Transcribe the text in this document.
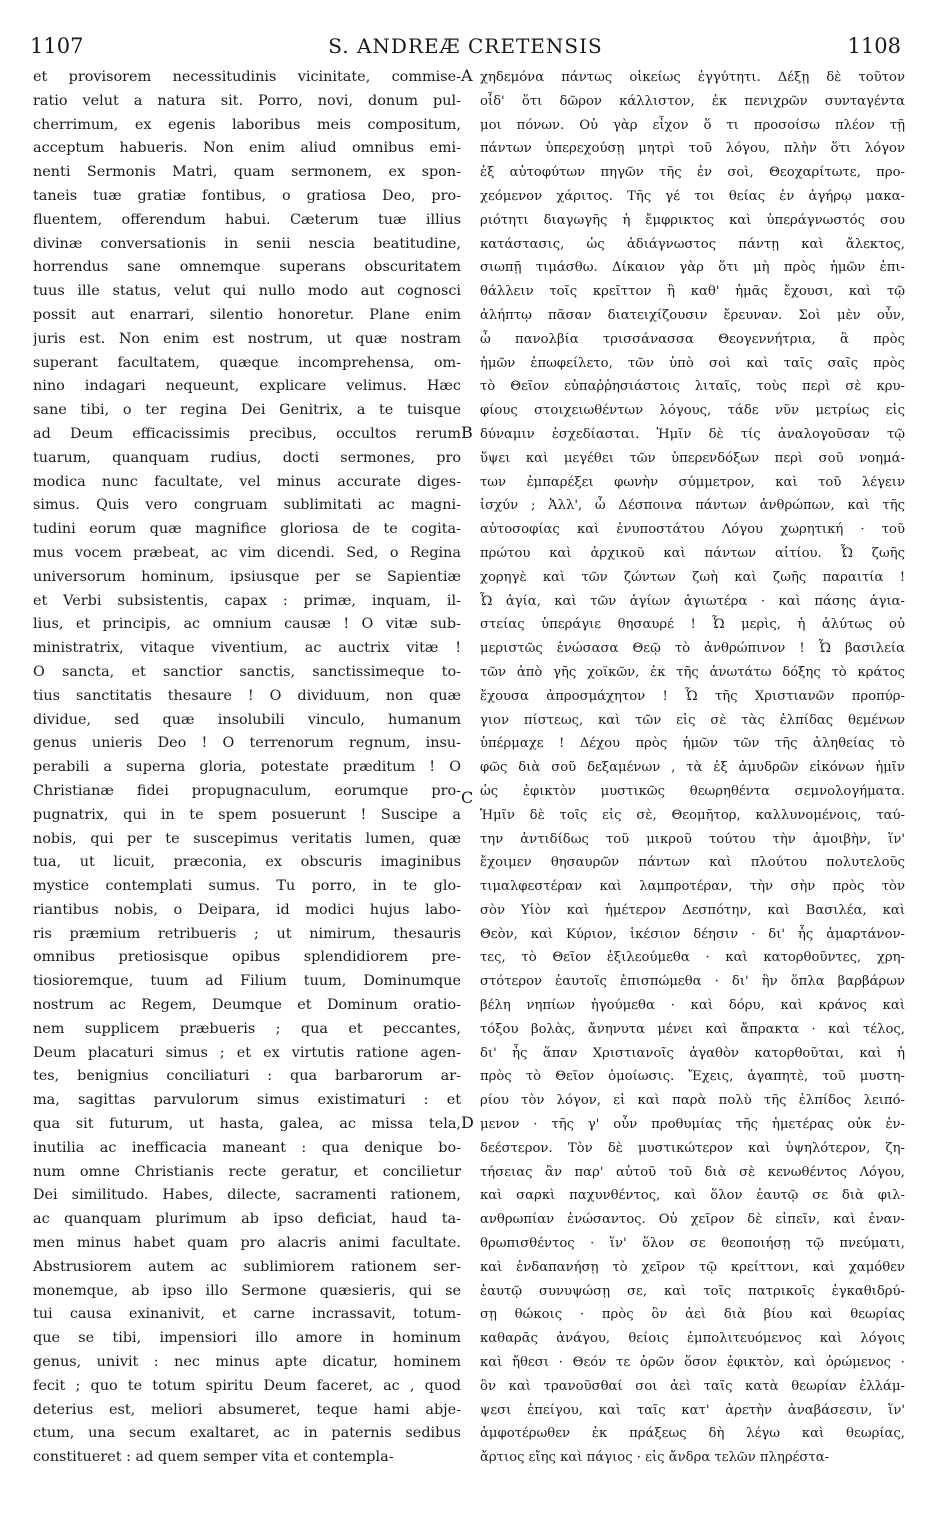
1107	S. ANDREÆ CRETENSIS	1108
et provisorem necessitudinis vicinitate, commise-
ratio velut a natura sit. Porro, novi, donum pul-
cherrimum, ex egenis laboribus meis compositum,
acceptum habueris. Non enim aliud omnibus emi-
nenti Sermonis Matri, quam sermonem, ex spon-
taneis tuæ gratiæ fontibus, o gratiosa Deo, pro-
fluentem, offerendum habui. Cæterum tuæ illius
divinæ conversationis in senii nescia beatitudine,
horrendus sane omnemque superans obscuritatem
tuus ille status, velut qui nullo modo aut cognosci
possit aut enarrari, silentio honoretur. Plane enim
juris est. Non enim est nostrum, ut quæ nostram
superant facultatem, quæque incomprehensa, om-
nino indagari nequeunt, explicare velimus. Hæc
sane tibi, o ter regina Dei Genitrix, a te tuisque
ad Deum efficacissimis precibus, occultos rerum
tuarum, quanquam rudius, docti sermones, pro
modica nunc facultate, vel minus accurate diges-
simus. Quis vero congruam sublimitati ac magni-
tudini eorum quæ magnifice gloriosa de te cogita-
mus vocem præbeat, ac vim dicendi. Sed, o Regina
universorum hominum, ipsiusque per se Sapientiæ
et Verbi subsistentis, capax : primæ, inquam, il-
lius, et principis, ac omnium causæ ! O vitæ sub-
ministratrix, vitaque viventium, ac auctrix vitæ !
O sancta, et sanctior sanctis, sanctissimeque to-
tius sanctitatis thesaure ! O dividuum, non quæ
dividue, sed quæ insolubili vinculo, humanum
genus unieris Deo ! O terrenorum regnum, insu-
perabili a superna gloria, potestate præditum ! O
Christianæ fidei propugnaculum, eorumque pro-
pugnatrix, qui in te spem posuerunt ! Suscipe a
nobis, qui per te suscepimus veritatis lumen, quæ
tua, ut licuit, præconia, ex obscuris imaginibus
mystice contemplati sumus. Tu porro, in te glo-
riantibus nobis, o Deipara, id modici hujus labo-
ris præmium retribueris ; ut nimirum, thesauris
omnibus pretiosisque opibus splendidiorem pre-
tiosioremque, tuum ad Filium tuum, Dominumque
nostrum ac Regem, Deumque et Dominum oratio-
nem supplicem præbueris ; qua et peccantes,
Deum placaturi simus ; et ex virtutis ratione agen-
tes, benignius conciliaturi : qua barbarorum ar-
ma, sagittas parvulorum simus existimaturi : et
qua sit futurum, ut hasta, galea, ac missa tela,
inutilia ac inefficacia maneant : qua denique bo-
num omne Christianis recte geratur, et concilietur
Dei similitudo. Habes, dilecte, sacramenti rationem,
ac quanquam plurimum ab ipso deficiat, haud ta-
men minus habet quam pro alacris animi facultate.
Abstrusiorem autem ac sublimiorem rationem ser-
monemque, ab ipso illo Sermone quæsieris, qui se
tui causa exinanivit, et carne incrassavit, totum-
que se tibi, impensiori illo amore in hominum
genus, univit : nec minus apte dicatur, hominem
fecit ; quo te totum spiritu Deum faceret, ac , quod
deterius est, meliori absumeret, teque hami abje-
ctum, una secum exaltaret, ac in paternis sedibus
constitueret : ad quem semper vita et contempla-
χηδεμόνα πάντως οἰκείως ἐγγύτητι. Δέξῃ δὲ τοῦτον
οἶδ' ὅτι δῶρον κάλλιστον, ἐκ πενιχρῶν συνταγέντα
μοι πόνων. Οὐ γὰρ εἶχον ὅ τι προσοίσω πλέον τῇ
πάντων ὑπερεχούσῃ μητρὶ τοῦ λόγου, πλὴν ὅτι λόγον
ἐξ αὐτοφύτων πηγῶν τῆς ἐν σοὶ, Θεοχαρίτωτε, προ-
χεόμενον χάριτος. Τῆς γέ τοι θείας ἐν ἀγήρῳ μακα-
ριότητι διαγωγῆς ἡ ἔμφρικτος καὶ ὑπεράγνωστός σου
κατάστασις, ὡς ἀδιάγνωστος πάντῃ καὶ ἄλεκτος,
σιωπῇ τιμάσθω. Δίκαιον γὰρ ὅτι μὴ πρὸς ἡμῶν ἐπι-
θάλλειν τοῖς κρεῖττον ἢ καθ' ἡμᾶς ἔχουσι, καὶ τῷ
ἀλήπτῳ πᾶσαν διατειχίζουσιν ἔρευναν. Σοὶ μὲν οὖν,
ὦ πανολβία τρισσάνασσα Θεογεννήτρια, ἃ πρὸς
ἡμῶν ἐπωφείλετο, τῶν ὑπὸ σοὶ καὶ ταῖς σαῖς πρὸς
τὸ Θεῖον εὐπαῤῥησιάστοις λιταῖς, τοὺς περὶ σὲ κρυ-
φίους στοιχειωθέντων λόγους, τάδε νῦν μετρίως εἰς
δύναμιν ἐσχεδίασται. Ἡμῖν δὲ τίς ἀναλογοῦσαν τῷ
ὕψει καὶ μεγέθει τῶν ὑπερενδόξων περὶ σοῦ νοημά-
των ἐμπαρέξει φωνὴν σύμμετρον, καὶ τοῦ λέγειν
ἰσχύν ; Ἀλλ', ὦ Δέσποινα πάντων ἀνθρώπων, καὶ τῆς
αὐτοσοφίας καὶ ἐνυποστάτου Λόγου χωρητική · τοῦ
πρώτου καὶ ἀρχικοῦ καὶ πάντων αἰτίου. Ὦ ζωῆς
χορηγὲ καὶ τῶν ζώντων ζωὴ καὶ ζωῆς παραιτία !
Ὦ ἁγία, καὶ τῶν ἁγίων ἁγιωτέρα · καὶ πάσης ἁγια-
στείας ὑπεράγιε θησαυρέ ! Ὦ μερὶς, ἡ ἀλύτως οὐ
μεριστῶς ἑνώσασα Θεῷ τὸ ἀνθρώπινον ! Ὦ βασιλεία
τῶν ἀπὸ γῆς χοϊκῶν, ἐκ τῆς ἀνωτάτω δόξης τὸ κράτος
ἔχουσα ἀπροσμάχητον ! Ὦ τῆς Χριστιανῶν προπύρ-
γιον πίστεως, καὶ τῶν εἰς σὲ τὰς ἐλπίδας θεμένων
ὑπέρμαχε ! Δέχου πρὸς ἡμῶν τῶν τῆς ἀληθείας τὸ
φῶς διὰ σοῦ δεξαμένων , τὰ ἐξ ἀμυδρῶν εἰκόνων ἡμῖν
ὡς ἐφικτὸν μυστικῶς θεωρηθέντα σεμνολογήματα.
Ἡμῖν δὲ τοῖς εἰς σὲ, Θεομῆτορ, καλλυνομένοις, ταύ-
την ἀντιδίδως τοῦ μικροῦ τούτου τὴν ἀμοιβὴν, ἵν'
ἔχοιμεν θησαυρῶν πάντων καὶ πλούτου πολυτελοῦς
τιμαλφεστέραν καὶ λαμπροτέραν, τὴν σὴν πρὸς τὸν
σὸν Υἱὸν καὶ ἡμέτερον Δεσπότην, καὶ Βασιλέα, καὶ
Θεὸν, καὶ Κύριον, ἱκέσιον δέησιν · δι' ἧς ἁμαρτάνον-
τες, τὸ Θεῖον ἐξιλεούμεθα · καὶ κατορθοῦντες, χρη-
στότερον ἑαυτοῖς ἐπισπώμεθα · δι' ἣν ὅπλα βαρβάρων
βέλη νηπίων ἡγούμεθα · καὶ δόρυ, καὶ κράνος καὶ
τόξου βολὰς, ἄνηνυτα μένει καὶ ἄπρακτα · καὶ τέλος,
δι' ἧς ἅπαν Χριστιανοῖς ἀγαθὸν κατορθοῦται, καὶ ἡ
πρὸς τὸ Θεῖον ὁμοίωσις. Ἔχεις, ἀγαπητὲ, τοῦ μυστη-
ρίου τὸν λόγον, εἰ καὶ παρὰ πολὺ τῆς ἐλπίδος λειπό-
μενον · τῆς γ' οὖν προθυμίας τῆς ἡμετέρας οὐκ ἐν-
δεέστερον. Τὸν δὲ μυστικώτερον καὶ ὑψηλότερον, ζη-
τήσειας ἂν παρ' αὐτοῦ τοῦ διὰ σὲ κενωθέντος Λόγου,
καὶ σαρκὶ παχυνθέντος, καὶ ὅλον ἑαυτῷ σε διὰ φιλ-
ανθρωπίαν ἑνώσαντος. Οὐ χεῖρον δὲ εἰπεῖν, καὶ ἐναν-
θρωπισθέντος · ἵν' ὅλον σε θεοποιήσῃ τῷ πνεύματι,
καὶ ἐνδαπανήσῃ τὸ χεῖρον τῷ κρείττονι, καὶ χαμόθεν
ἑαυτῷ συνυψώσῃ σε, καὶ τοῖς πατρικοῖς ἐγκαθιδρύ-
σῃ θώκοις · πρὸς ὃν ἀεὶ διὰ βίου καὶ θεωρίας
καθαρᾶς ἀνάγου, θείοις ἐμπολιτευόμενος καὶ λόγοις
καὶ ἤθεσι · Θεόν τε ὁρῶν ὅσον ἐφικτὸν, καὶ ὁρώμενος ·
ὃν καὶ τρανοῦσθαί σοι ἀεὶ ταῖς κατὰ θεωρίαν ἐλλάμ-
ψεσι ἐπείγου, καὶ ταῖς κατ' ἀρετὴν ἀναβάσεσιν, ἵν'
ἀμφοτέρωθεν ἐκ πράξεως δὴ λέγω καὶ θεωρίας,
ἄρτιος εἴης καὶ πάγιος · εἰς ἄνδρα τελῶν πληρέστα-
A
B
C
D
